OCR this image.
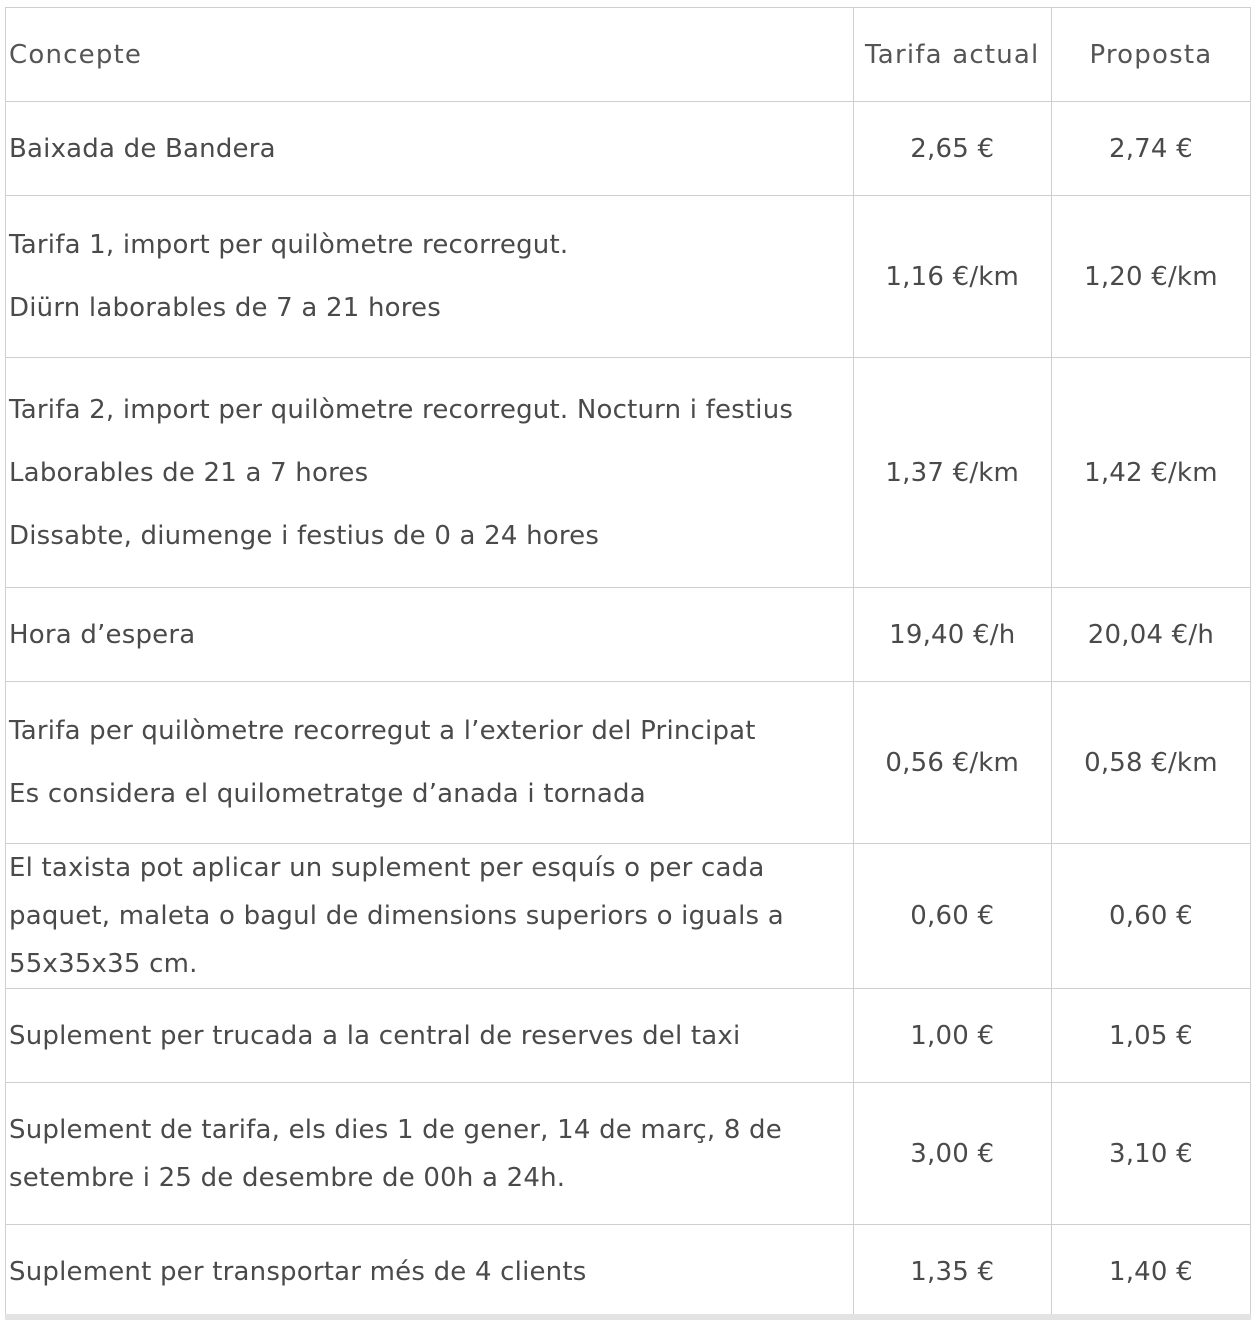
Concepte	Tarifa actual	Proposta

Baixada de Bandera	2,65 €	2,74 €

Tarifa 1, import per quilòmetre recorregut.
Diürn laborables de 7 a 21 hores	1,16 €/km	1,20 €/km

Tarifa 2, import per quilòmetre recorregut. Nocturn i festius
Laborables de 21 a 7 hores
Dissabte, diumenge i festius de 0 a 24 hores	1,37 €/km	1,42 €/km

Hora d’espera	19,40 €/h	20,04 €/h

Tarifa per quilòmetre recorregut a l’exterior del Principat
Es considera el quilometratge d’anada i tornada	0,56 €/km	0,58 €/km

El taxista pot aplicar un suplement per esquís o per cada paquet, maleta o bagul de dimensions superiors o iguals a 55x35x35 cm.	0,60 €	0,60 €

Suplement per trucada a la central de reserves del taxi	1,00 €	1,05 €

Suplement de tarifa, els dies 1 de gener, 14 de març, 8 de setembre i 25 de desembre de 00h a 24h.	3,00 €	3,10 €

Suplement per transportar més de 4 clients	1,35 €	1,40 €
